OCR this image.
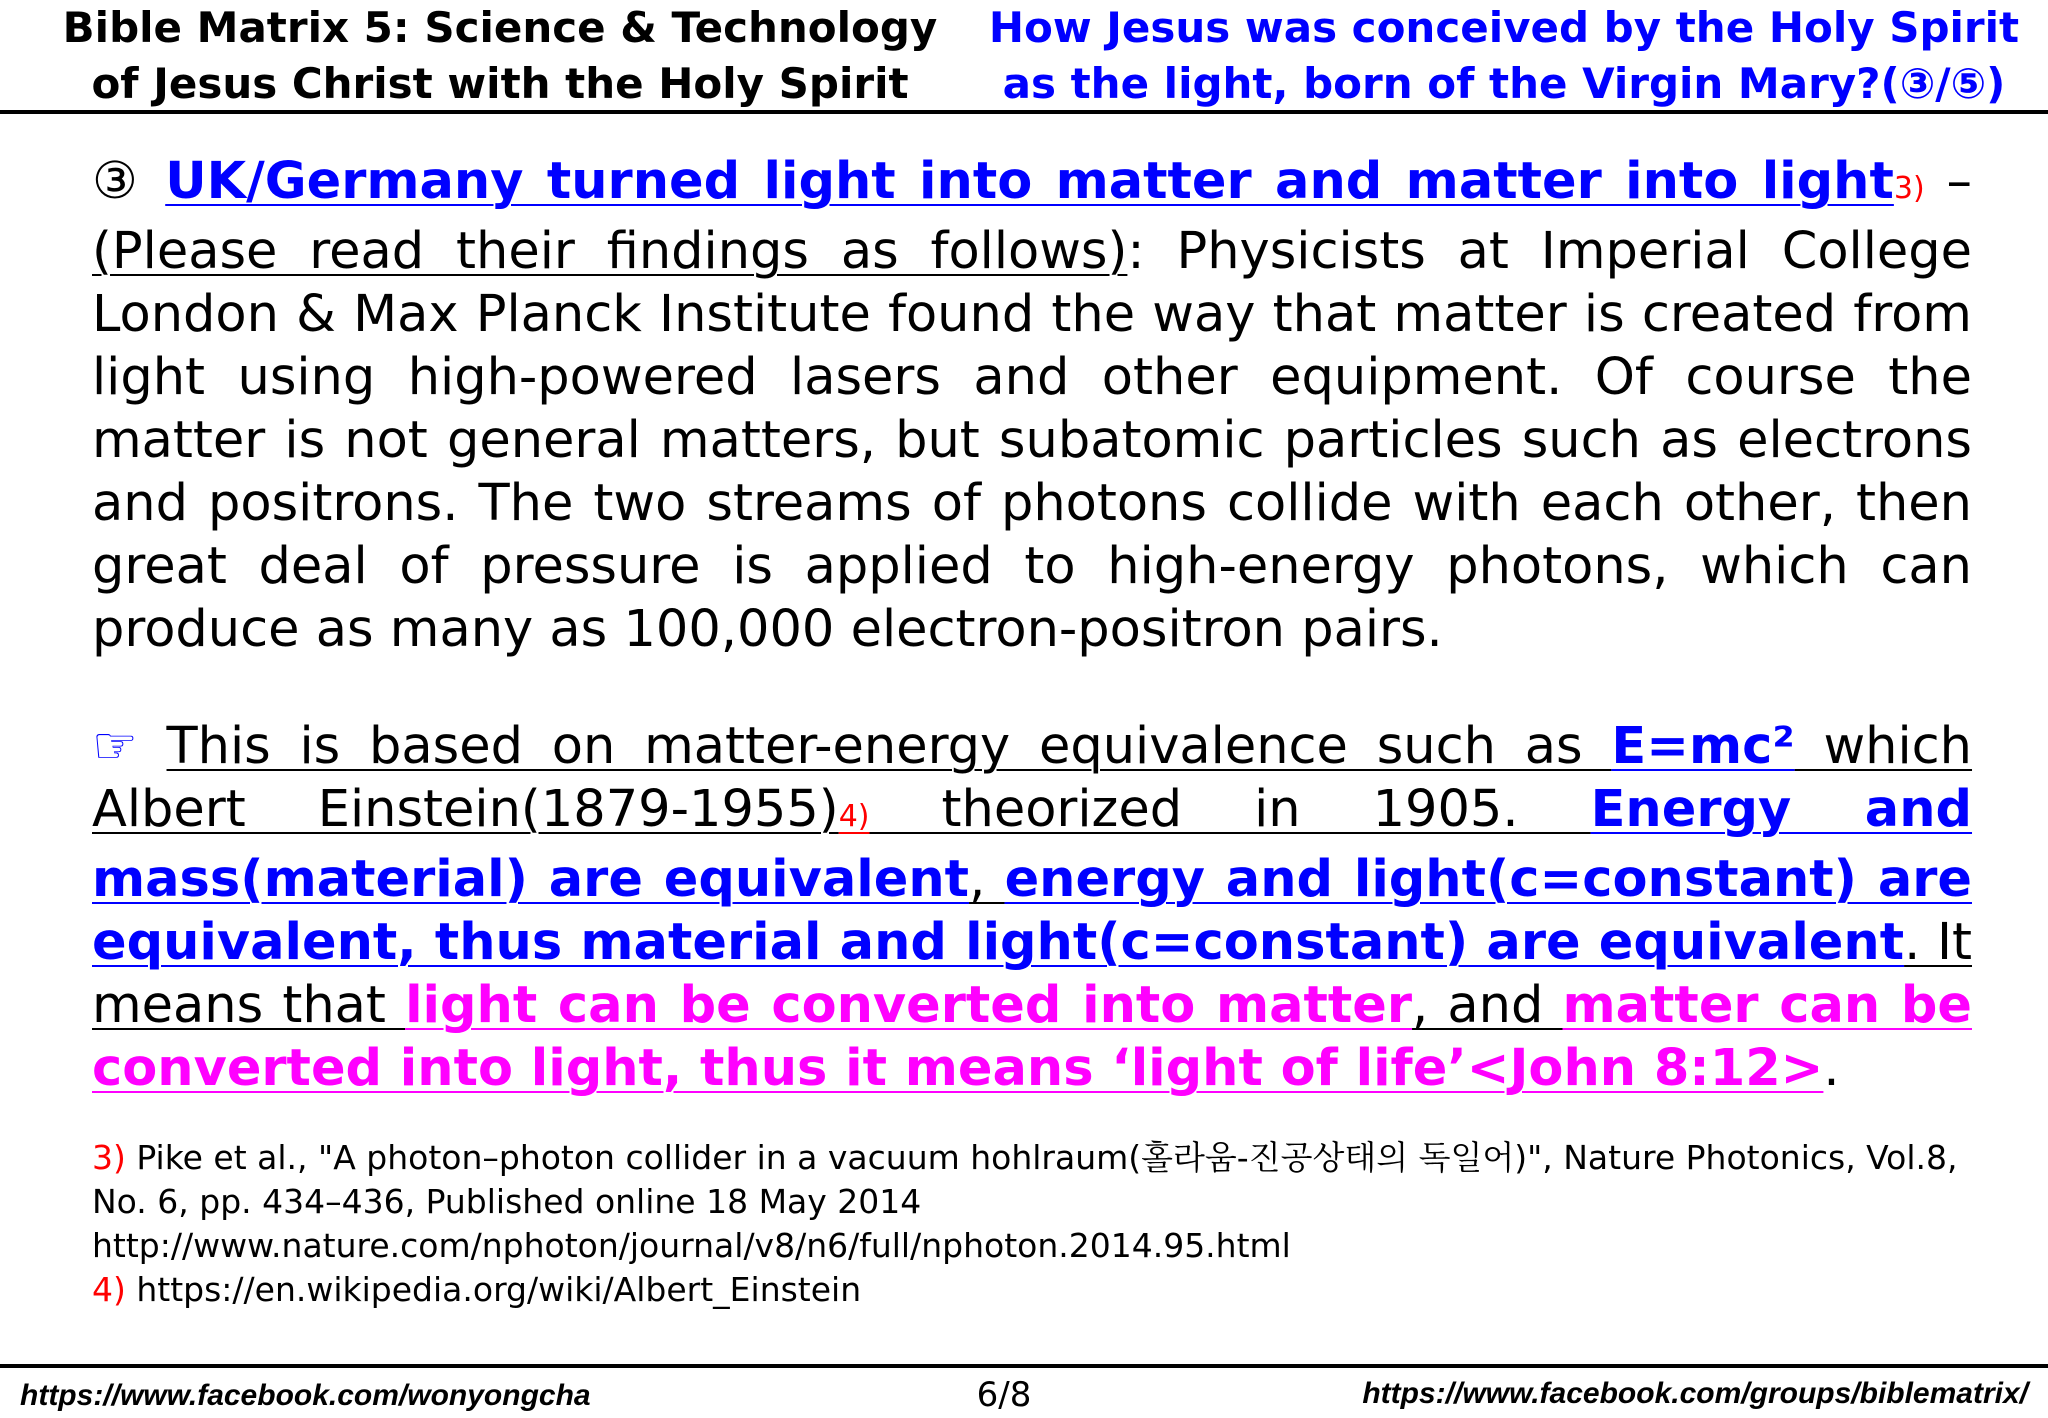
Bible Matrix 5: Science & Technology
of Jesus Christ with the Holy Spirit
How Jesus was conceived by the Holy Spirit
as the light, born of the Virgin Mary?(③/⑤)

③ UK/Germany turned light into matter and matter into light3) – (Please read their findings as follows): Physicists at Imperial College London & Max Planck Institute found the way that matter is created from light using high-powered lasers and other equipment. Of course the matter is not general matters, but subatomic particles such as electrons and positrons. The two streams of photons collide with each other, then great deal of pressure is applied to high-energy photons, which can produce as many as 100,000 electron-positron pairs.

☞ This is based on matter-energy equivalence such as E=mc² which Albert Einstein(1879-1955)4) theorized in 1905. Energy and mass(material) are equivalent, energy and light(c=constant) are equivalent, thus material and light(c=constant) are equivalent. It means that light can be converted into matter, and matter can be converted into light, thus it means ‘light of life’<John 8:12>.

3) Pike et al., "A photon–photon collider in a vacuum hohlraum(홀라움-진공상태의 독일어)", Nature Photonics, Vol.8, No. 6, pp. 434–436, Published online 18 May 2014
http://www.nature.com/nphoton/journal/v8/n6/full/nphoton.2014.95.html
4) https://en.wikipedia.org/wiki/Albert_Einstein
https://www.facebook.com/wonyongcha	6/8	https://www.facebook.com/groups/biblematrix/
